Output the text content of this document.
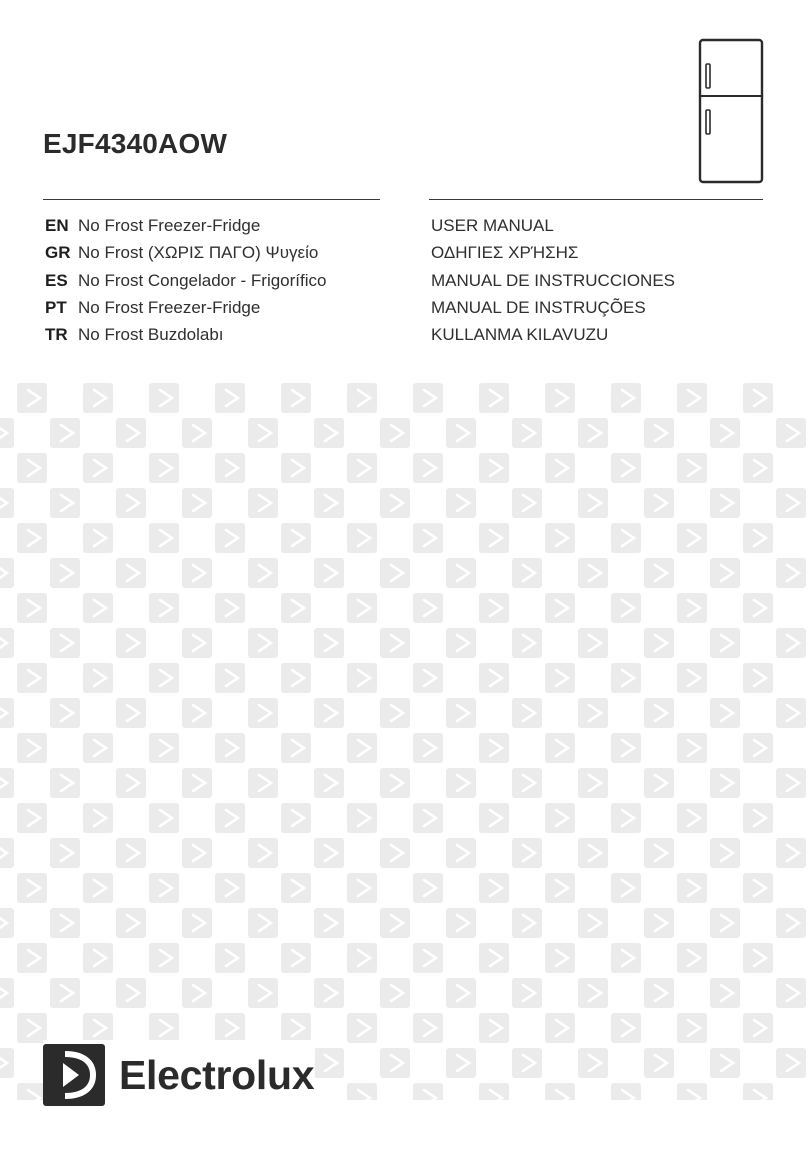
EJF4340AOW
EN No Frost Freezer-Fridge
GR No Frost (ΧΩΡΙΣ ΠΑΓΟ) Ψυγείο
ES No Frost Congelador - Frigorífico
PT No Frost Freezer-Fridge
TR No Frost Buzdolabı
USER MANUAL
ΟΔΗΓΙΕΣ ΧΡΉΣΗΣ
MANUAL DE INSTRUCCIONES
MANUAL DE INSTRUÇÕES
KULLANMA KILAVUZU
Electrolux
